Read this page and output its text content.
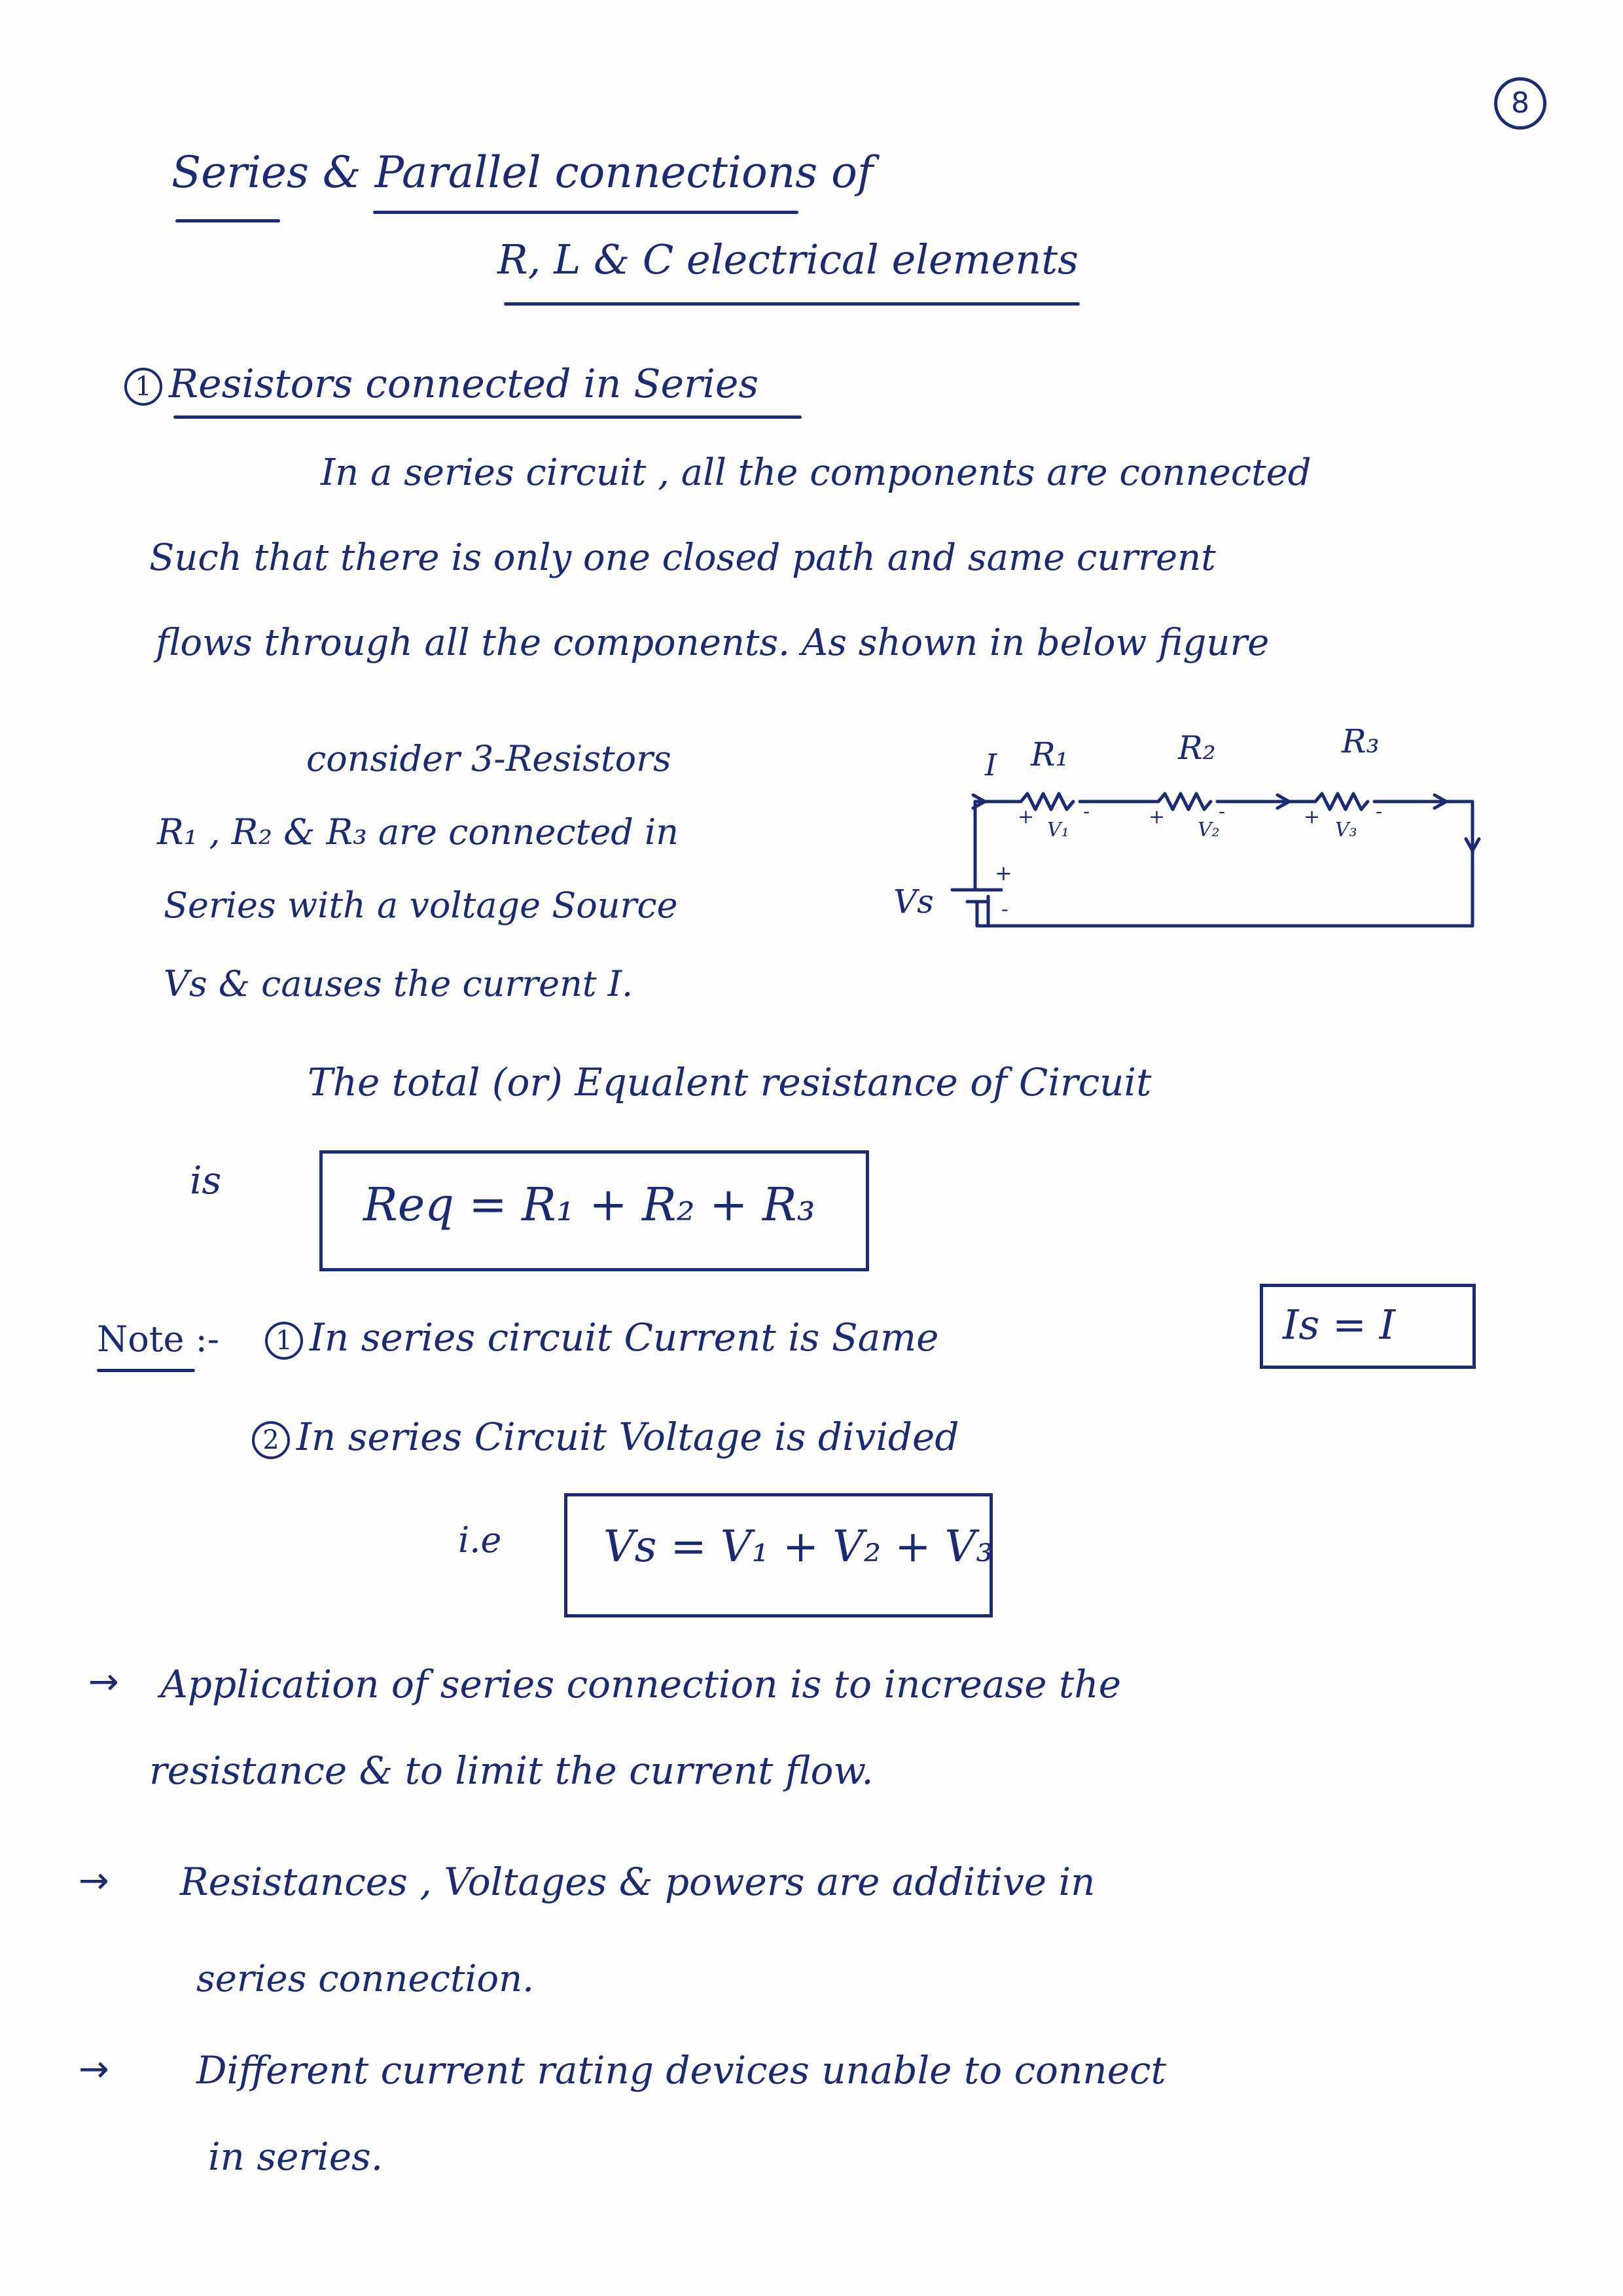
8
Series & Parallel connections of
R, L & C electrical elements
1 Resistors connected in Series
In a series circuit , all the components are connected
Such that there is only one closed path and same current
flows through all the components. As shown in below figure
consider 3-Resistors
R₁ , R₂ & R₃ are connected in
Series with a voltage Source
Vs & causes the current I.
I R₁	R₂	R₃
V₁	V₂	V₃
+ -	+	-	+	-
+
-
Vs
The total (or) Equalent resistance of Circuit
is	Req = R₁ + R₂ + R₃
Note :-	1 In series circuit Current is Same	Is = I
2 In series Circuit Voltage is divided
i.e Vs = V₁ + V₂ + V₃
→ Application of series connection is to increase the
resistance & to limit the current flow.
→ Resistances , Voltages & powers are additive in
series connection.
→ Different current rating devices unable to connect
in series.
